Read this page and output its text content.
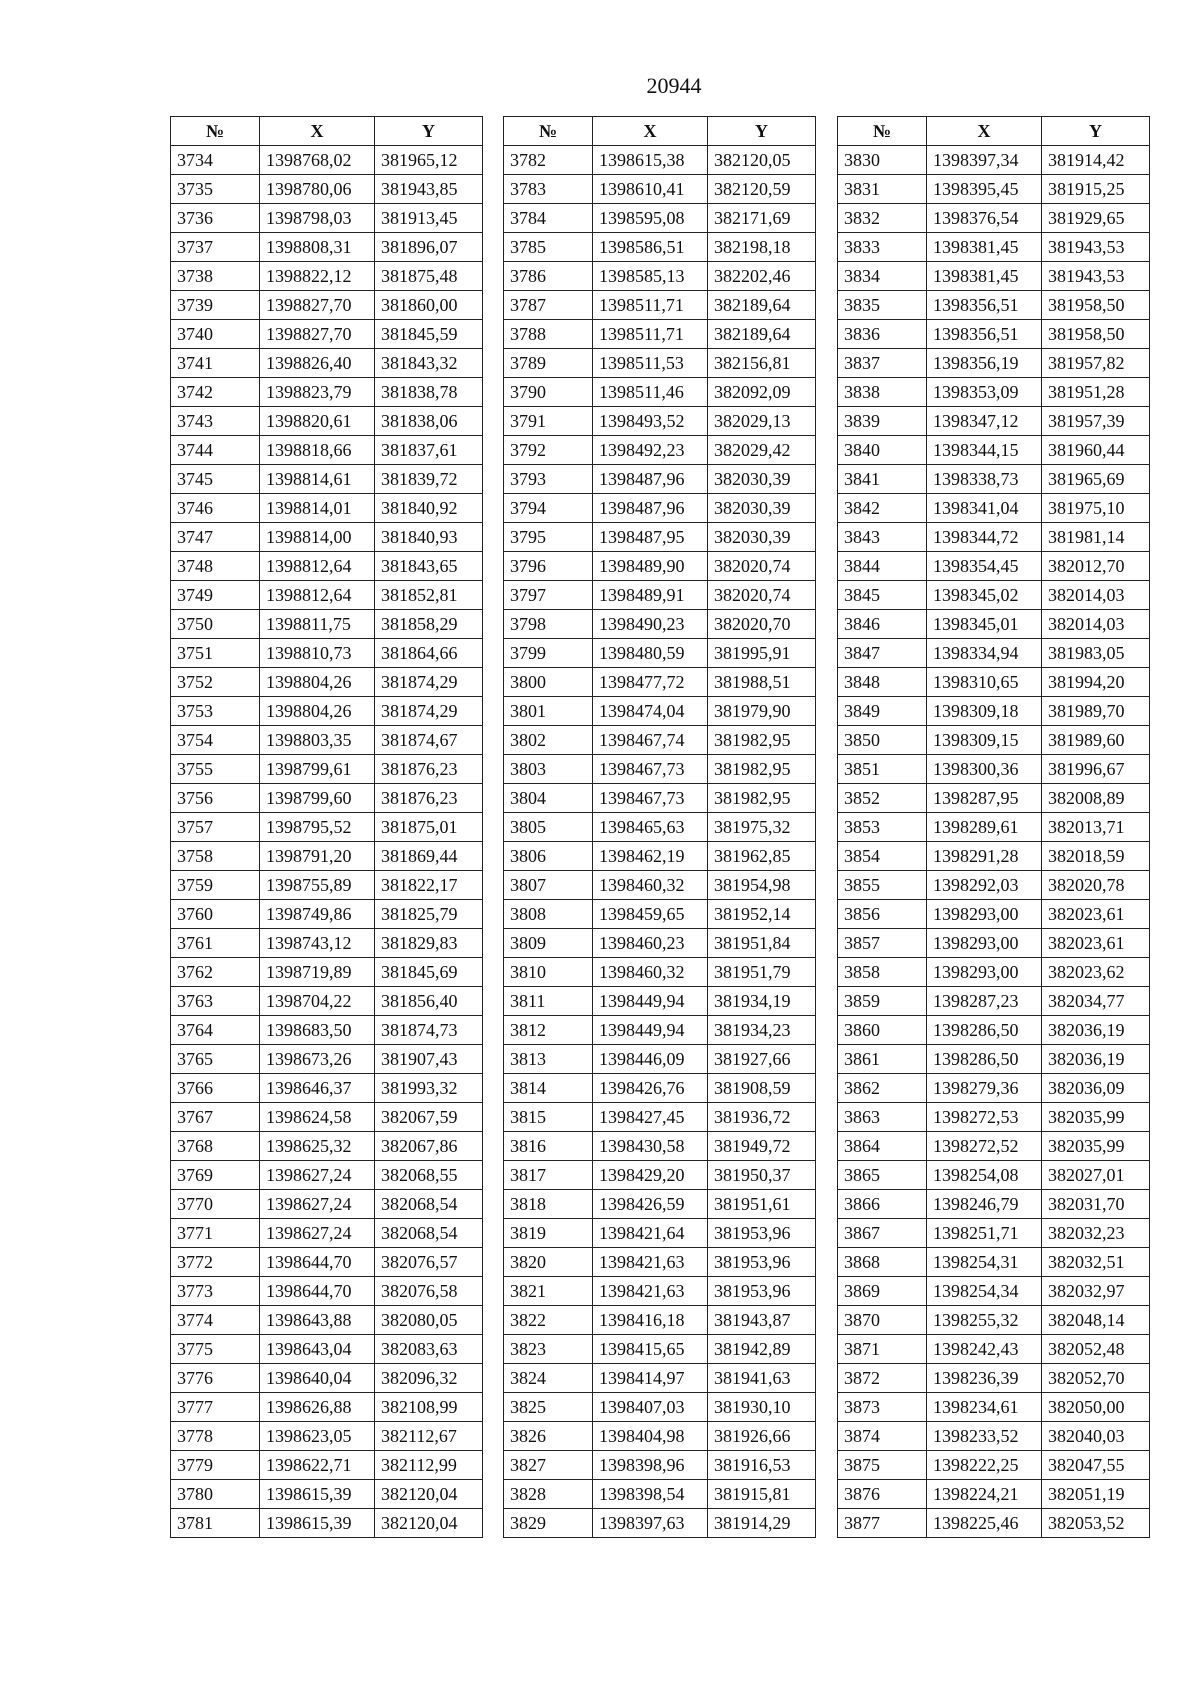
20944
№	X	Y
3734	1398768,02	381965,12
3735	1398780,06	381943,85
3736	1398798,03	381913,45
3737	1398808,31	381896,07
3738	1398822,12	381875,48
3739	1398827,70	381860,00
3740	1398827,70	381845,59
3741	1398826,40	381843,32
3742	1398823,79	381838,78
3743	1398820,61	381838,06
3744	1398818,66	381837,61
3745	1398814,61	381839,72
3746	1398814,01	381840,92
3747	1398814,00	381840,93
3748	1398812,64	381843,65
3749	1398812,64	381852,81
3750	1398811,75	381858,29
3751	1398810,73	381864,66
3752	1398804,26	381874,29
3753	1398804,26	381874,29
3754	1398803,35	381874,67
3755	1398799,61	381876,23
3756	1398799,60	381876,23
3757	1398795,52	381875,01
3758	1398791,20	381869,44
3759	1398755,89	381822,17
3760	1398749,86	381825,79
3761	1398743,12	381829,83
3762	1398719,89	381845,69
3763	1398704,22	381856,40
3764	1398683,50	381874,73
3765	1398673,26	381907,43
3766	1398646,37	381993,32
3767	1398624,58	382067,59
3768	1398625,32	382067,86
3769	1398627,24	382068,55
3770	1398627,24	382068,54
3771	1398627,24	382068,54
3772	1398644,70	382076,57
3773	1398644,70	382076,58
3774	1398643,88	382080,05
3775	1398643,04	382083,63
3776	1398640,04	382096,32
3777	1398626,88	382108,99
3778	1398623,05	382112,67
3779	1398622,71	382112,99
3780	1398615,39	382120,04
3781	1398615,39	382120,04
№	X	Y
3782	1398615,38	382120,05
3783	1398610,41	382120,59
3784	1398595,08	382171,69
3785	1398586,51	382198,18
3786	1398585,13	382202,46
3787	1398511,71	382189,64
3788	1398511,71	382189,64
3789	1398511,53	382156,81
3790	1398511,46	382092,09
3791	1398493,52	382029,13
3792	1398492,23	382029,42
3793	1398487,96	382030,39
3794	1398487,96	382030,39
3795	1398487,95	382030,39
3796	1398489,90	382020,74
3797	1398489,91	382020,74
3798	1398490,23	382020,70
3799	1398480,59	381995,91
3800	1398477,72	381988,51
3801	1398474,04	381979,90
3802	1398467,74	381982,95
3803	1398467,73	381982,95
3804	1398467,73	381982,95
3805	1398465,63	381975,32
3806	1398462,19	381962,85
3807	1398460,32	381954,98
3808	1398459,65	381952,14
3809	1398460,23	381951,84
3810	1398460,32	381951,79
3811	1398449,94	381934,19
3812	1398449,94	381934,23
3813	1398446,09	381927,66
3814	1398426,76	381908,59
3815	1398427,45	381936,72
3816	1398430,58	381949,72
3817	1398429,20	381950,37
3818	1398426,59	381951,61
3819	1398421,64	381953,96
3820	1398421,63	381953,96
3821	1398421,63	381953,96
3822	1398416,18	381943,87
3823	1398415,65	381942,89
3824	1398414,97	381941,63
3825	1398407,03	381930,10
3826	1398404,98	381926,66
3827	1398398,96	381916,53
3828	1398398,54	381915,81
3829	1398397,63	381914,29
№	X	Y
3830	1398397,34	381914,42
3831	1398395,45	381915,25
3832	1398376,54	381929,65
3833	1398381,45	381943,53
3834	1398381,45	381943,53
3835	1398356,51	381958,50
3836	1398356,51	381958,50
3837	1398356,19	381957,82
3838	1398353,09	381951,28
3839	1398347,12	381957,39
3840	1398344,15	381960,44
3841	1398338,73	381965,69
3842	1398341,04	381975,10
3843	1398344,72	381981,14
3844	1398354,45	382012,70
3845	1398345,02	382014,03
3846	1398345,01	382014,03
3847	1398334,94	381983,05
3848	1398310,65	381994,20
3849	1398309,18	381989,70
3850	1398309,15	381989,60
3851	1398300,36	381996,67
3852	1398287,95	382008,89
3853	1398289,61	382013,71
3854	1398291,28	382018,59
3855	1398292,03	382020,78
3856	1398293,00	382023,61
3857	1398293,00	382023,61
3858	1398293,00	382023,62
3859	1398287,23	382034,77
3860	1398286,50	382036,19
3861	1398286,50	382036,19
3862	1398279,36	382036,09
3863	1398272,53	382035,99
3864	1398272,52	382035,99
3865	1398254,08	382027,01
3866	1398246,79	382031,70
3867	1398251,71	382032,23
3868	1398254,31	382032,51
3869	1398254,34	382032,97
3870	1398255,32	382048,14
3871	1398242,43	382052,48
3872	1398236,39	382052,70
3873	1398234,61	382050,00
3874	1398233,52	382040,03
3875	1398222,25	382047,55
3876	1398224,21	382051,19
3877	1398225,46	382053,52
